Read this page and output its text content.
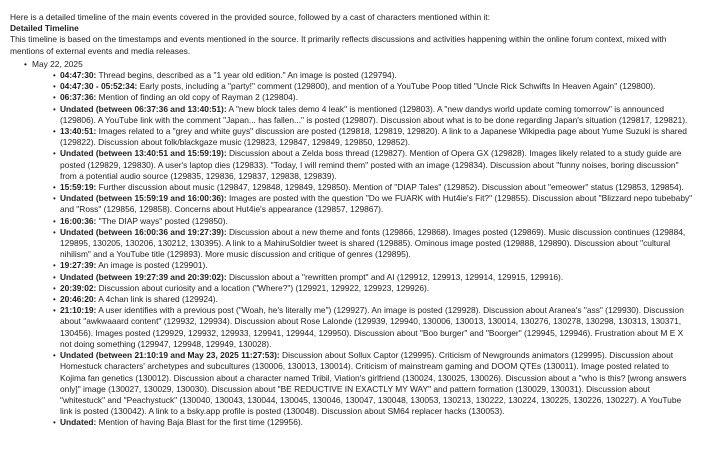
Here is a detailed timeline of the main events covered in the provided source, followed by a cast of characters mentioned within it:

Detailed Timeline

This timeline is based on the timestamps and events mentioned in the source. It primarily reflects discussions and activities happening within the online forum context, mixed with mentions of external events and media releases.

• May 22, 2025
• 04:47:30: Thread begins, described as a "1 year old edition." An image is posted (129794).
• 04:47:30 - 05:52:34: Early posts, including a "party!" comment (129800), and mention of a YouTube Poop titled "Uncle Rick Schwifts In Heaven Again" (129800).
• 06:37:36: Mention of finding an old copy of Rayman 2 (129804).
• Undated (between 06:37:36 and 13:40:51): A "new block tales demo 4 leak" is mentioned (129803). A "new dandys world update coming tomorrow" is announced (129806). A YouTube link with the comment "Japan... has fallen..." is posted (129807). Discussion about what is to be done regarding Japan's situation (129817, 129821).
• 13:40:51: Images related to a "grey and white guys" discussion are posted (129818, 129819, 129820). A link to a Japanese Wikipedia page about Yume Suzuki is shared (129822). Discussion about folk/blackgaze music (129823, 129847, 129849, 129850, 129852).
• Undated (between 13:40:51 and 15:59:19): Discussion about a Zelda boss thread (129827). Mention of Opera GX (129828). Images likely related to a study guide are posted (129829, 129830). A user's laptop dies (129833). "Today, I will remind them" posted with an image (129834). Discussion about "funny noises, boring discussion" from a potential audio source (129835, 129836, 129837, 129838, 129839).
• 15:59:19: Further discussion about music (129847, 129848, 129849, 129850). Mention of "DIAP Tales" (129852). Discussion about "emeower" status (129853, 129854).
• Undated (between 15:59:19 and 16:00:36): Images are posted with the question "Do we FUARK with Hut4ie's Fit?" (129855). Discussion about "Blizzard nepo tubebaby" and "Ross" (129856, 129858). Concerns about Hut4ie's appearance (129857, 129867).
• 16:00:36: "The DIAP ways" posted (129850).
• Undated (between 16:00:36 and 19:27:39): Discussion about a new theme and fonts (129866, 129868). Images posted (129869). Music discussion continues (129884, 129895, 130205, 130206, 130212, 130395). A link to a MahiruSoldier tweet is shared (129885). Ominous image posted (129888, 129890). Discussion about "cultural nihilism" and a YouTube title (129893). More music discussion and critique of genres (129895).
• 19:27:39: An image is posted (129901).
• Undated (between 19:27:39 and 20:39:02): Discussion about a "rewritten prompt" and AI (129912, 129913, 129914, 129915, 129916).
• 20:39:02: Discussion about curiosity and a location ("Where?") (129921, 129922, 129923, 129926).
• 20:46:20: A 4chan link is shared (129924).
• 21:10:19: A user identifies with a previous post ("Woah, he's literally me") (129927). An image is posted (129928). Discussion about Aranea's "ass" (129930). Discussion about "awkwaaard content" (129932, 129934). Discussion about Rose Lalonde (129939, 129940, 130006, 130013, 130014, 130276, 130278, 130298, 130313, 130371, 130456). Images posted (129929, 129932, 129933, 129941, 129944, 129950). Discussion about "Boo burger" and "Boorger" (129945, 129946). Frustration about M E X not doing something (129947, 129948, 129949, 130028).
• Undated (between 21:10:19 and May 23, 2025 11:27:53): Discussion about Sollux Captor (129995). Criticism of Newgrounds animators (129995). Discussion about Homestuck characters' archetypes and subcultures (130006, 130013, 130014). Criticism of mainstream gaming and DOOM QTEs (130011). Image posted related to Kojima fan genetics (130012). Discussion about a character named Tribil, Viation's girlfriend (130024, 130025, 130026). Discussion about a "who is this? [wrong answers only]" image (130027, 130029, 130030). Discussion about "BE REDUCTIVE IN EXACTLY MY WAY" and pattern formation (130029, 130031). Discussion about "whitestuck" and "Peachystuck" (130040, 130043, 130044, 130045, 130046, 130047, 130048, 130053, 130213, 130222, 130224, 130225, 130226, 130227). A YouTube link is posted (130042). A link to a bsky.app profile is posted (130048). Discussion about SM64 replacer hacks (130053).
• Undated: Mention of having Baja Blast for the first time (129956).
